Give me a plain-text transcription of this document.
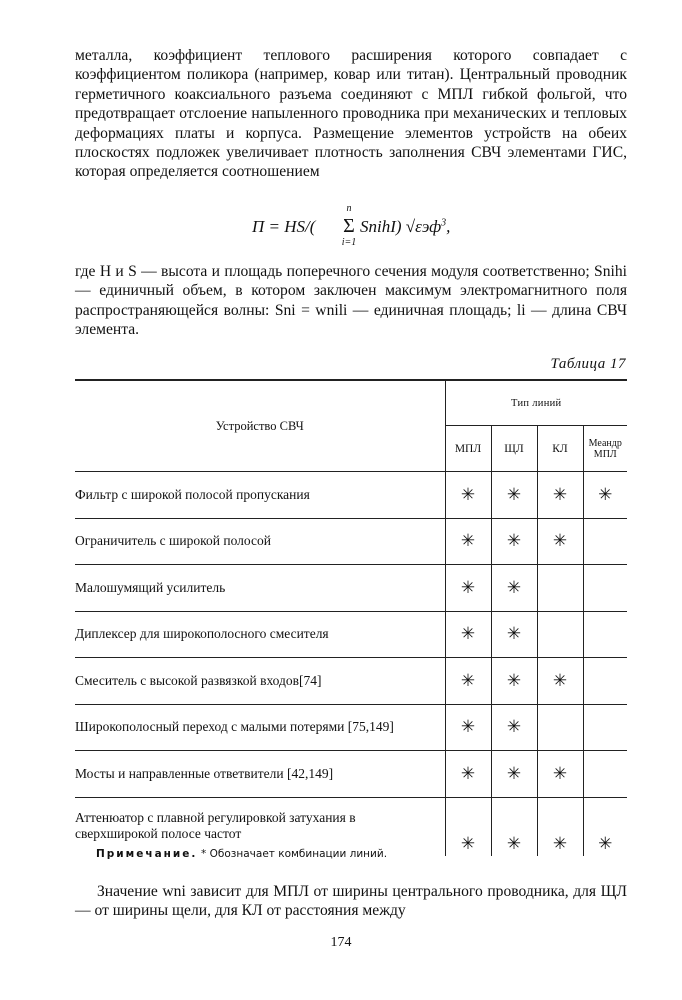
металла, коэффициент теплового расширения которого совпадает с коэффициентом поликора (например, ковар или титан). Центральный проводник герметичного коаксиального разъема соединяют с МПЛ гибкой фольгой, что предотвращает отслоение напыленного проводника при механических и тепловых деформациях платы и корпуса. Размещение элементов устройств на обеих плоскостях подложек увеличивает плотность заполнения СВЧ элементами ГИС, которая определяется соотношением

П = HS/(
n
Σ
i=1
SnihI) √εэф$^3$,

где H и S — высота и площадь поперечного сечения модуля соответственно; Snihi — единичный объем, в котором заключен максимум электромагнитного поля распространяющейся волны: Sni = wnili — единичная площадь; li — длина СВЧ элемента.

Таблица 17
Устройство СВЧ	Тип линий			
	МПЛ	ЩЛ	КЛ	Меандр МПЛ
Фильтр с широкой полосой пропускания	✳	✳	✳	✳
Ограничитель с широкой полосой	✳	✳	✳	
Малошумящий усилитель	✳	✳		
Диплексер для широкополосного смесителя	✳	✳		
Смеситель с высокой развязкой входов[74]	✳	✳	✳	
Широкополосный переход с малыми потерями [75,149]	✳	✳		
Мосты и направленные ответвители [42,149]	✳	✳	✳	
Аттенюатор с плавной регулировкой затухания в сверхширокой полосе частот	✳	✳	✳	✳
Примечание. * Обозначает комбинации линий.

Значение wni зависит для МПЛ от ширины центрального проводника, для ЩЛ — от ширины щели, для КЛ от расстояния между

174
